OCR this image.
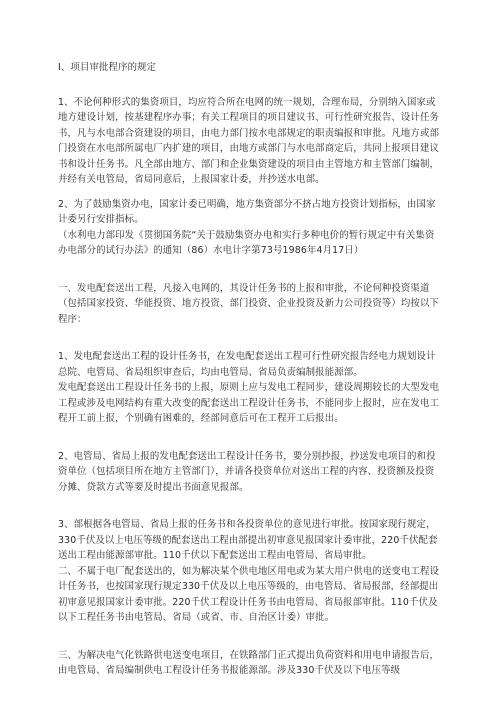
Ⅰ、项目审批程序的规定

1、不论何种形式的集资项目，均应符合所在电网的统一规划，合理布局，分别纳入国家或地方建设计划，按基建程序办事；有关工程项目的项目建议书、可行性研究报告、设计任务书，凡与水电部合资建设的项目，由电力部门按水电部规定的职责编报和审批。凡地方或部门投资在水电部所属电厂内扩建的项目，由地方或部门与水电部商定后，共同上报项目建议书和设计任务书。凡全部由地方、部门和企业集资建设的项目由主管地方和主管部门编制，并经有关电管局，省局同意后，上报国家计委，并抄送水电部。

2、为了鼓励集资办电，国家计委已明确，地方集资部分不挤占地方投资计划指标，由国家计委另行安排指标。

（水利电力部印发《贯彻国务院“关于鼓励集资办电和实行多种电价的暂行规定中有关集资办电部分的试行办法》的通知（86）水电计字第73号1986年4月17日）

一、发电配套送出工程，凡接入电网的，其设计任务书的上报和审批，不论何种投资渠道（包括国家投资、华能投资、地方投资、部门投资、企业投资及新力公司投资等）均按以下程序：

1、发电配套送出工程的设计任务书，在发电配套送出工程可行性研究报告经电力规划设计总院、电管局、省局组织审查后，均由电管局、省局负责编制报能源部。

发电配套送出工程设计任务书的上报，原则上应与发电工程同步，建设周期较长的大型发电工程或涉及电网结构有重大改变的配套送出工程设计任务书，不能同步上报时，应在发电工程开工前上报，个别确有困难的，经部同意后可在工程开工后报出。

2、电管局、省局上报的发电配套送出工程设计任务书，要分别抄报，抄送发电项目的和投资单位（包括项目所在地方主管部门），并请各投资单位对送出工程的内容、投资额及投资分摊、贷款方式等要及时提出书面意见报部。

3、部根据各电管局、省局上报的任务书和各投资单位的意见进行审批。按国家现行规定，330千伏及以上电压等级的配套送出工程由部提出初审意见报国家计委审批，220千伏配套送出工程由能源部审批。110千伏以下配套送出工程由电管局、省局审批。

二、不属于电厂配套送出的，如为解决某个供电地区用电或为某大用户供电的送变电工程设计任务书，也按国家现行规定330千伏及以上电压等级的，由电管局、省局报部，经部提出初审意见报国家计委审批。220千伏工程设计任务书由电管局、省局报部审批。110千伏及以下工程任务书由电管局、省局（或省、市、自治区计委）审批。

三、为解决电气化铁路供电送变电项目，在铁路部门正式提出负荷资料和用电申请报告后，由电管局、省局编制供电工程设计任务书报能源部。涉及330千伏及以下电压等级
